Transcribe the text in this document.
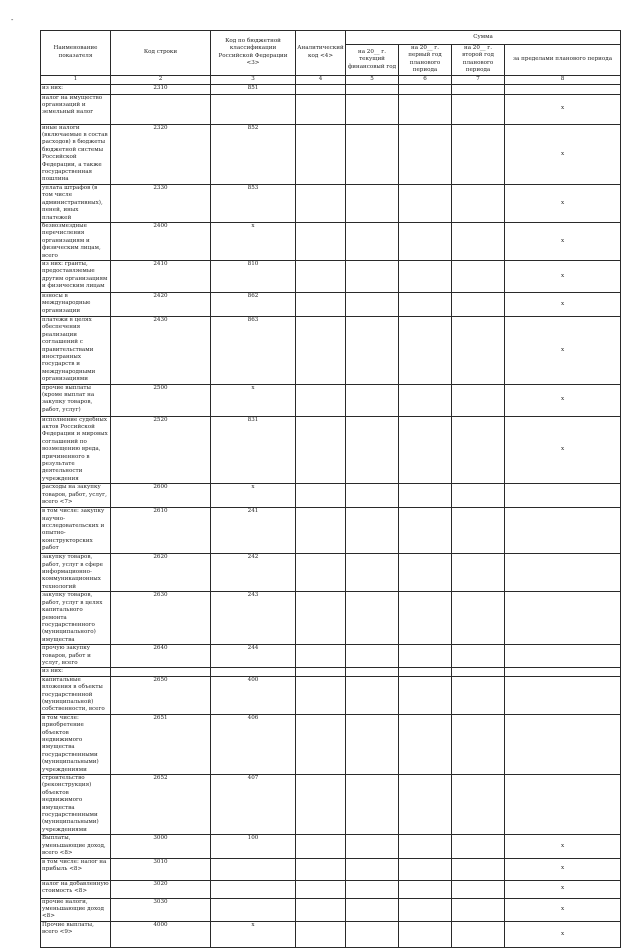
-
Наименование показателя	Код строки	Код по бюджетной классификации Российской Федерации <3>	Аналитический код <4>	Сумма			
				на 20__ г. текущий финансовый год	на 20__ г. первый год планового периода	на 20__ г. второй год планового периода	за пределами планового периода
1	2	3	4	5	6	7	8
из них:	2310	851					
налог на имущество организаций и земельный налог							x
иные налоги (включаемые в состав расходов) в бюджеты бюджетной системы Российской Федерации, а также государственная пошлина	2320	852					x
уплата штрафов (в том числе административных), пеней, иных платежей	2330	853					x
безвозмездные перечисления организациям и физическим лицам, всего	2400	x					x
из них: гранты, предоставляемые другим организациям и физическим лицам	2410	810					x
взносы в международные организации	2420	862					x
платежи в целях обеспечения реализации соглашений с правительствами иностранных государств и международными организациями	2430	863					x
прочие выплаты (кроме выплат на закупку товаров, работ, услуг)	2500	x					x
исполнение судебных актов Российской Федерации и мировых соглашений по возмещению вреда, причиненного в результате деятельности учреждения	2520	831					x
расходы на закупку товаров, работ, услуг, всего <7>	2600	x					
в том числе: закупку научно-исследовательских и опытно-конструкторских работ	2610	241					
закупку товаров, работ, услуг в сфере информационно-коммуникационных технологий	2620	242					
закупку товаров, работ, услуг в целях капитального ремонта государственного (муниципального) имущества	2630	243					
прочую закупку товаров, работ и услуг, всего	2640	244					
из них:							
капитальные вложения в объекты государственной (муниципальной) собственности, всего	2650	400					
в том числе: приобретение объектов недвижимого имущества государственными (муниципальными) учреждениями	2651	406					
строительство (реконструкция) объектов недвижимого имущества государственными (муниципальными) учреждениями	2652	407					
Выплаты, уменьшающие доход, всего <8>	3000	100					x
в том числе: налог на прибыль <8>	3010						x
налог на добавленную стоимость <8>	3020						x
прочие налоги, уменьшающие доход <8>	3030						x
Прочие выплаты, всего <9>	4000	x					x
